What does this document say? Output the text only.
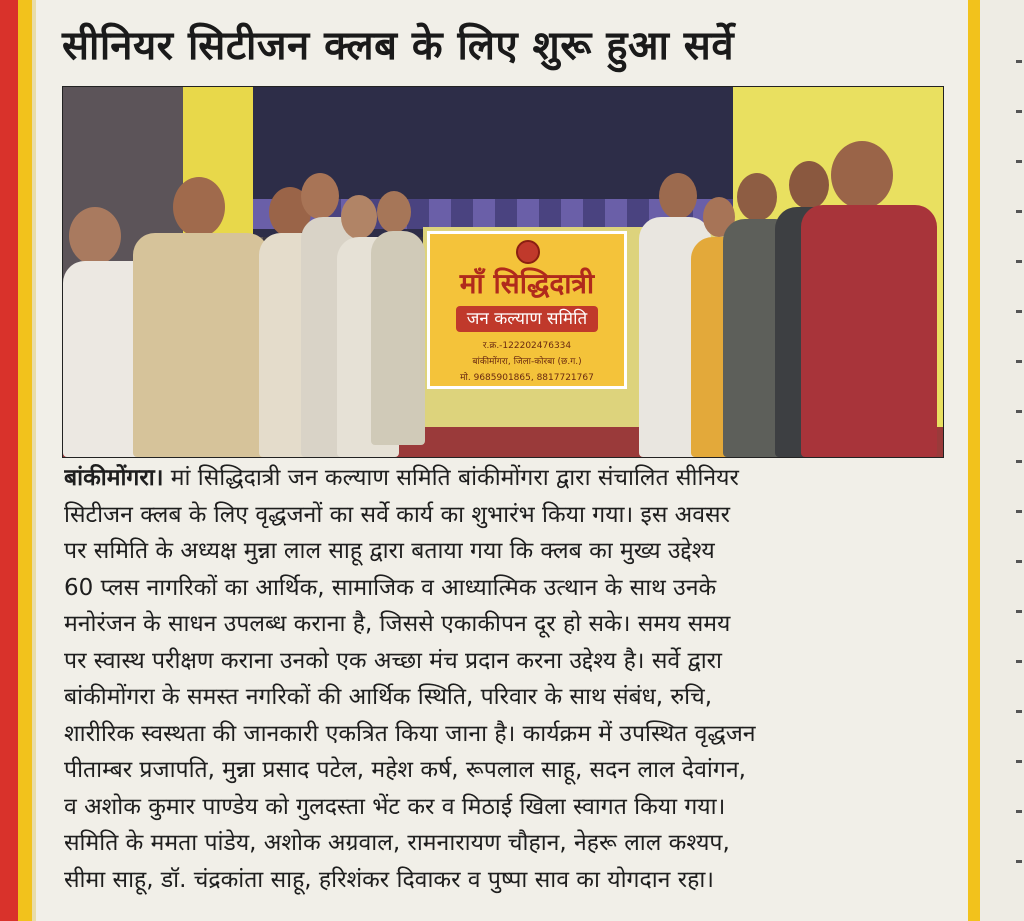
सीनियर सिटीजन क्लब के लिए शुरू हुआ सर्वे
माँ सिद्धिदात्री
जन कल्याण समिति
र.क्र.-122202476334
बांकीमोंगरा, जिला-कोरबा (छ.ग.)
मो. 9685901865, 8817721767
बांकीमोंगरा। मां सिद्धिदात्री जन कल्याण समिति बांकीमोंगरा द्वारा संचालित सीनियर
सिटीजन क्लब के लिए वृद्धजनों का सर्वे कार्य का शुभारंभ किया गया। इस अवसर
पर समिति के अध्यक्ष मुन्ना लाल साहू द्वारा बताया गया कि क्लब का मुख्य उद्देश्य
60 प्लस नागरिकों का आर्थिक, सामाजिक व आध्यात्मिक उत्थान के साथ उनके
मनोरंजन के साधन उपलब्ध कराना है, जिससे एकाकीपन दूर हो सके। समय समय
पर स्वास्थ परीक्षण कराना उनको एक अच्छा मंच प्रदान करना उद्देश्य है। सर्वे द्वारा
बांकीमोंगरा के समस्त नगरिकों की आर्थिक स्थिति, परिवार के साथ संबंध, रुचि,
शारीरिक स्वस्थता की जानकारी एकत्रित किया जाना है। कार्यक्रम में उपस्थित वृद्धजन
पीताम्बर प्रजापति, मुन्ना प्रसाद पटेल, महेश कर्ष, रूपलाल साहू, सदन लाल देवांगन,
व अशोक कुमार पाण्डेय को गुलदस्ता भेंट कर व मिठाई खिला स्वागत किया गया।
समिति के ममता पांडेय, अशोक अग्रवाल, रामनारायण चौहान, नेहरू लाल कश्यप,
सीमा साहू, डॉ. चंद्रकांता साहू, हरिशंकर दिवाकर व पुष्पा साव का योगदान रहा।
